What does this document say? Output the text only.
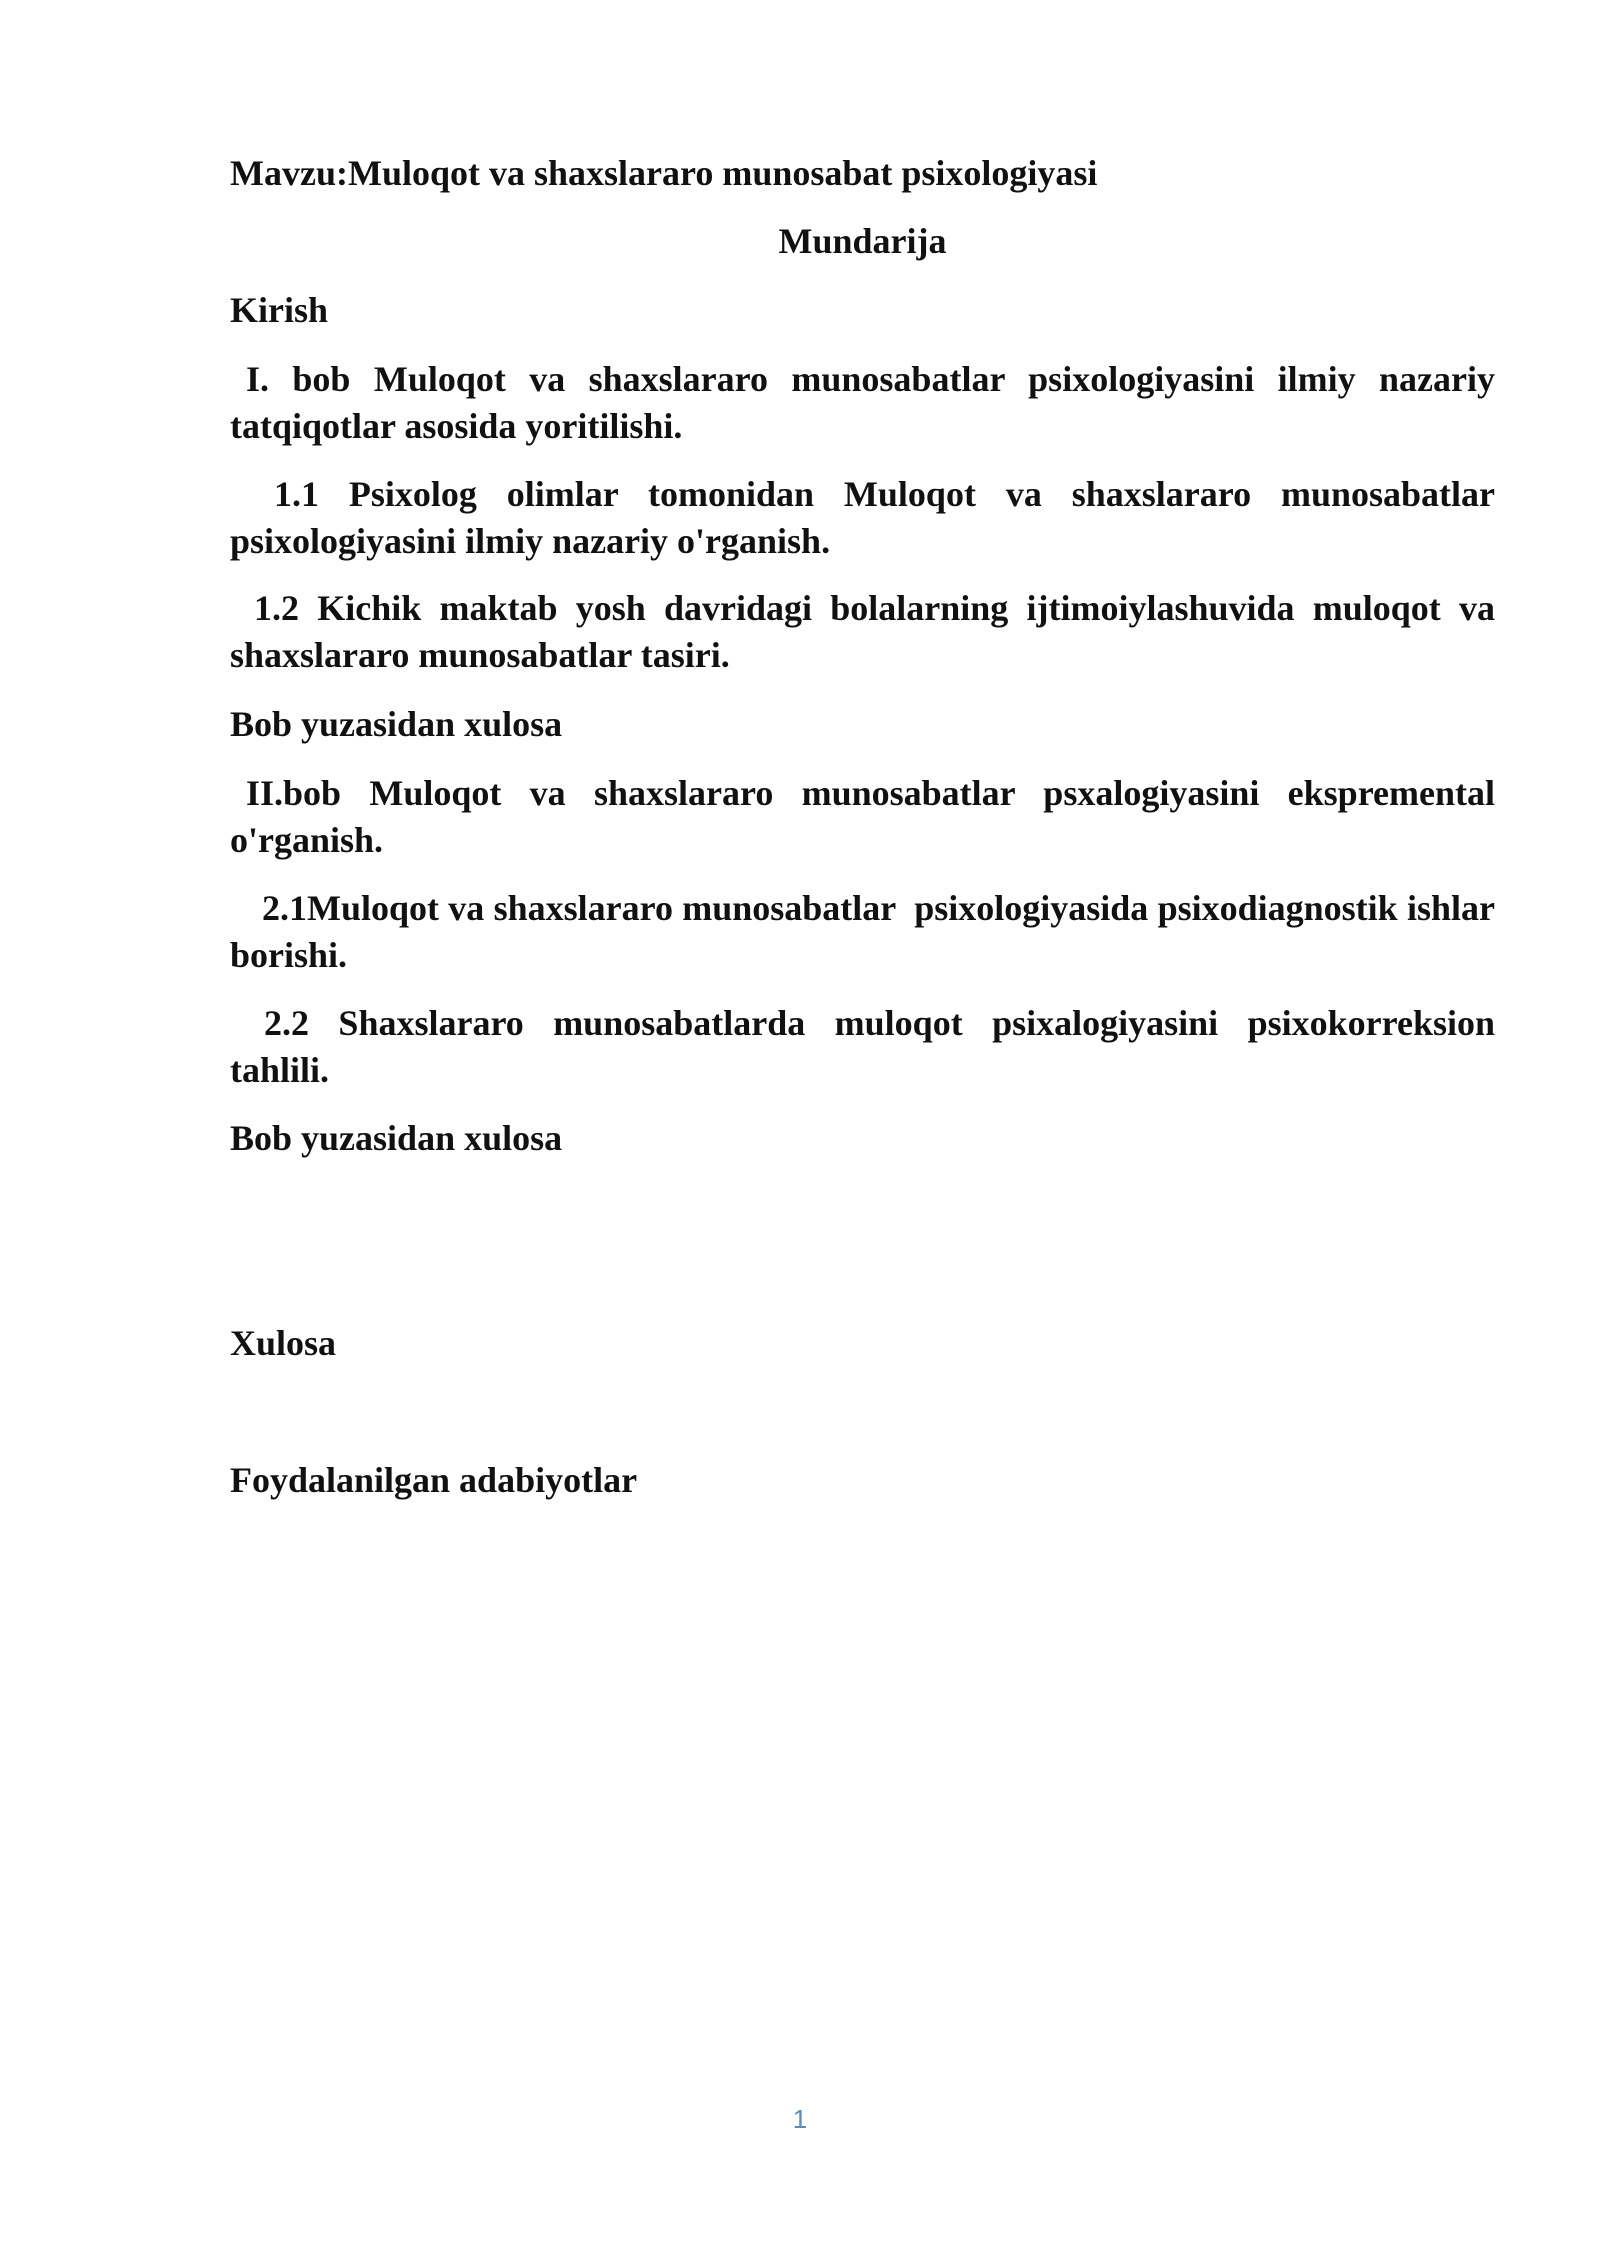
Mavzu:Muloqot va shaxslararo munosabat psixologiyasi

Mundarija

Kirish

I. bob Muloqot va shaxslararo munosabatlar psixologiyasini ilmiy nazariy tatqiqotlar asosida yoritilishi.

1.1 Psixolog olimlar tomonidan Muloqot va shaxslararo munosabatlar psixologiyasini ilmiy nazariy o'rganish.

1.2 Kichik maktab yosh davridagi bolalarning ijtimoiylashuvida muloqot va shaxslararo munosabatlar tasiri.

Bob yuzasidan xulosa

II.bob Muloqot va shaxslararo munosabatlar psxalogiyasini ekspremental o'rganish.

2.1Muloqot va shaxslararo munosabatlar  psixologiyasida psixodiagnostik ishlar borishi.

2.2 Shaxslararo munosabatlarda muloqot psixalogiyasini psixokorreksion tahlili.

Bob yuzasidan xulosa

Xulosa

Foydalanilgan adabiyotlar

1
